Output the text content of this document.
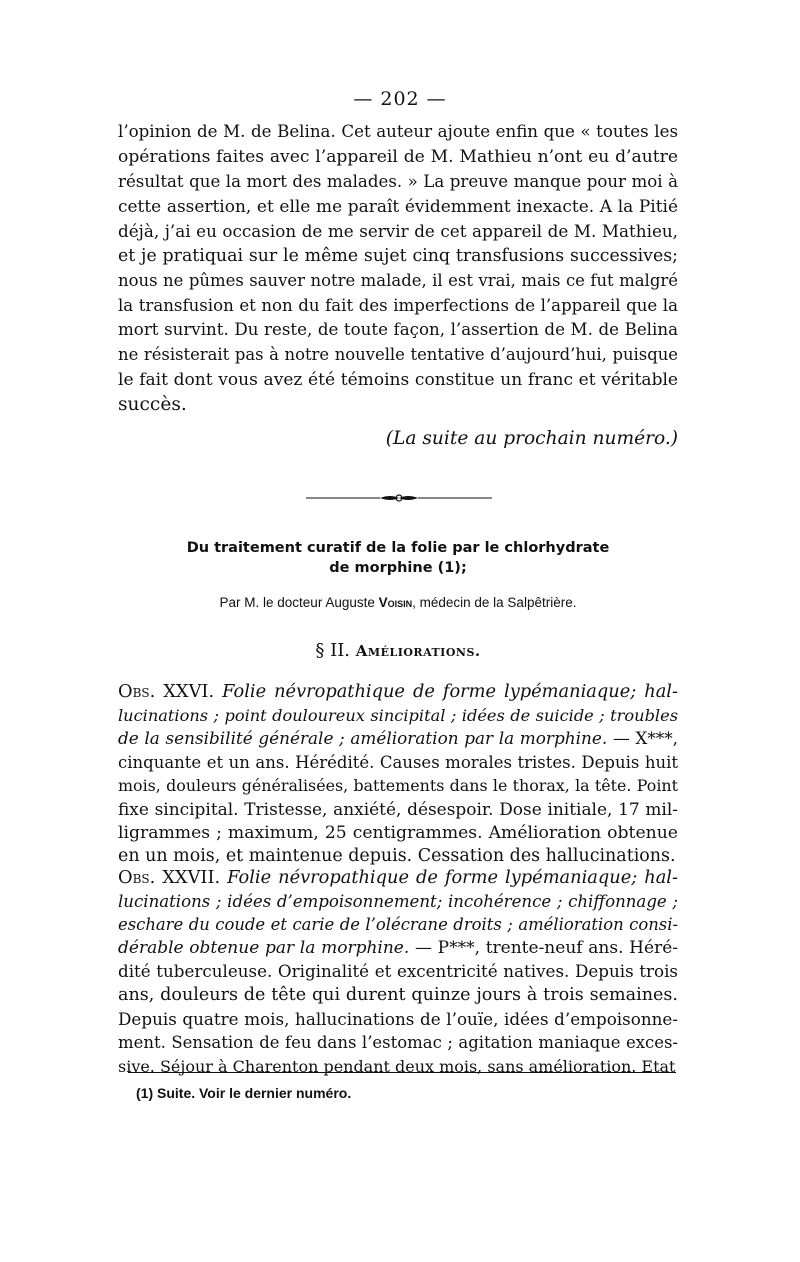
— 202 —
l’opinion de M. de Belina. Cet auteur ajoute enfin que « toutes les
opérations faites avec l’appareil de M. Mathieu n’ont eu d’autre
résultat que la mort des malades. » La preuve manque pour moi à
cette assertion, et elle me paraît évidemment inexacte. A la Pitié
déjà, j’ai eu occasion de me servir de cet appareil de M. Mathieu,
et je pratiquai sur le même sujet cinq transfusions successives;
nous ne pûmes sauver notre malade, il est vrai, mais ce fut malgré
la transfusion et non du fait des imperfections de l’appareil que la
mort survint. Du reste, de toute façon, l’assertion de M. de Belina
ne résisterait pas à notre nouvelle tentative d’aujourd’hui, puisque
le fait dont vous avez été témoins constitue un franc et véritable
succès.
(La suite au prochain numéro.)
Du traitement curatif de la folie par le chlorhydrate
de morphine (1);
Par M. le docteur Auguste Voisin, médecin de la Salpêtrière.
§ II. Améliorations.
Obs. XXVI. Folie névropathique de forme lypémaniaque; hal-
lucinations ; point douloureux sincipital ; idées de suicide ; troubles
de la sensibilité générale ; amélioration par la morphine. — X***,
cinquante et un ans. Hérédité. Causes morales tristes. Depuis huit
mois, douleurs généralisées, battements dans le thorax, la tête. Point
fixe sincipital. Tristesse, anxiété, désespoir. Dose initiale, 17 mil-
ligrammes ; maximum, 25 centigrammes. Amélioration obtenue
en un mois, et maintenue depuis. Cessation des hallucinations.
Obs. XXVII. Folie névropathique de forme lypémaniaque; hal-
lucinations ; idées d’empoisonnement; incohérence ; chiffonnage ;
eschare du coude et carie de l’olécrane droits ; amélioration consi-
dérable obtenue par la morphine. — P***, trente-neuf ans. Héré-
dité tuberculeuse. Originalité et excentricité natives. Depuis trois
ans, douleurs de tête qui durent quinze jours à trois semaines.
Depuis quatre mois, hallucinations de l’ouïe, idées d’empoisonne-
ment. Sensation de feu dans l’estomac ; agitation maniaque exces-
sive. Séjour à Charenton pendant deux mois, sans amélioration. Etat
(1) Suite. Voir le dernier numéro.
